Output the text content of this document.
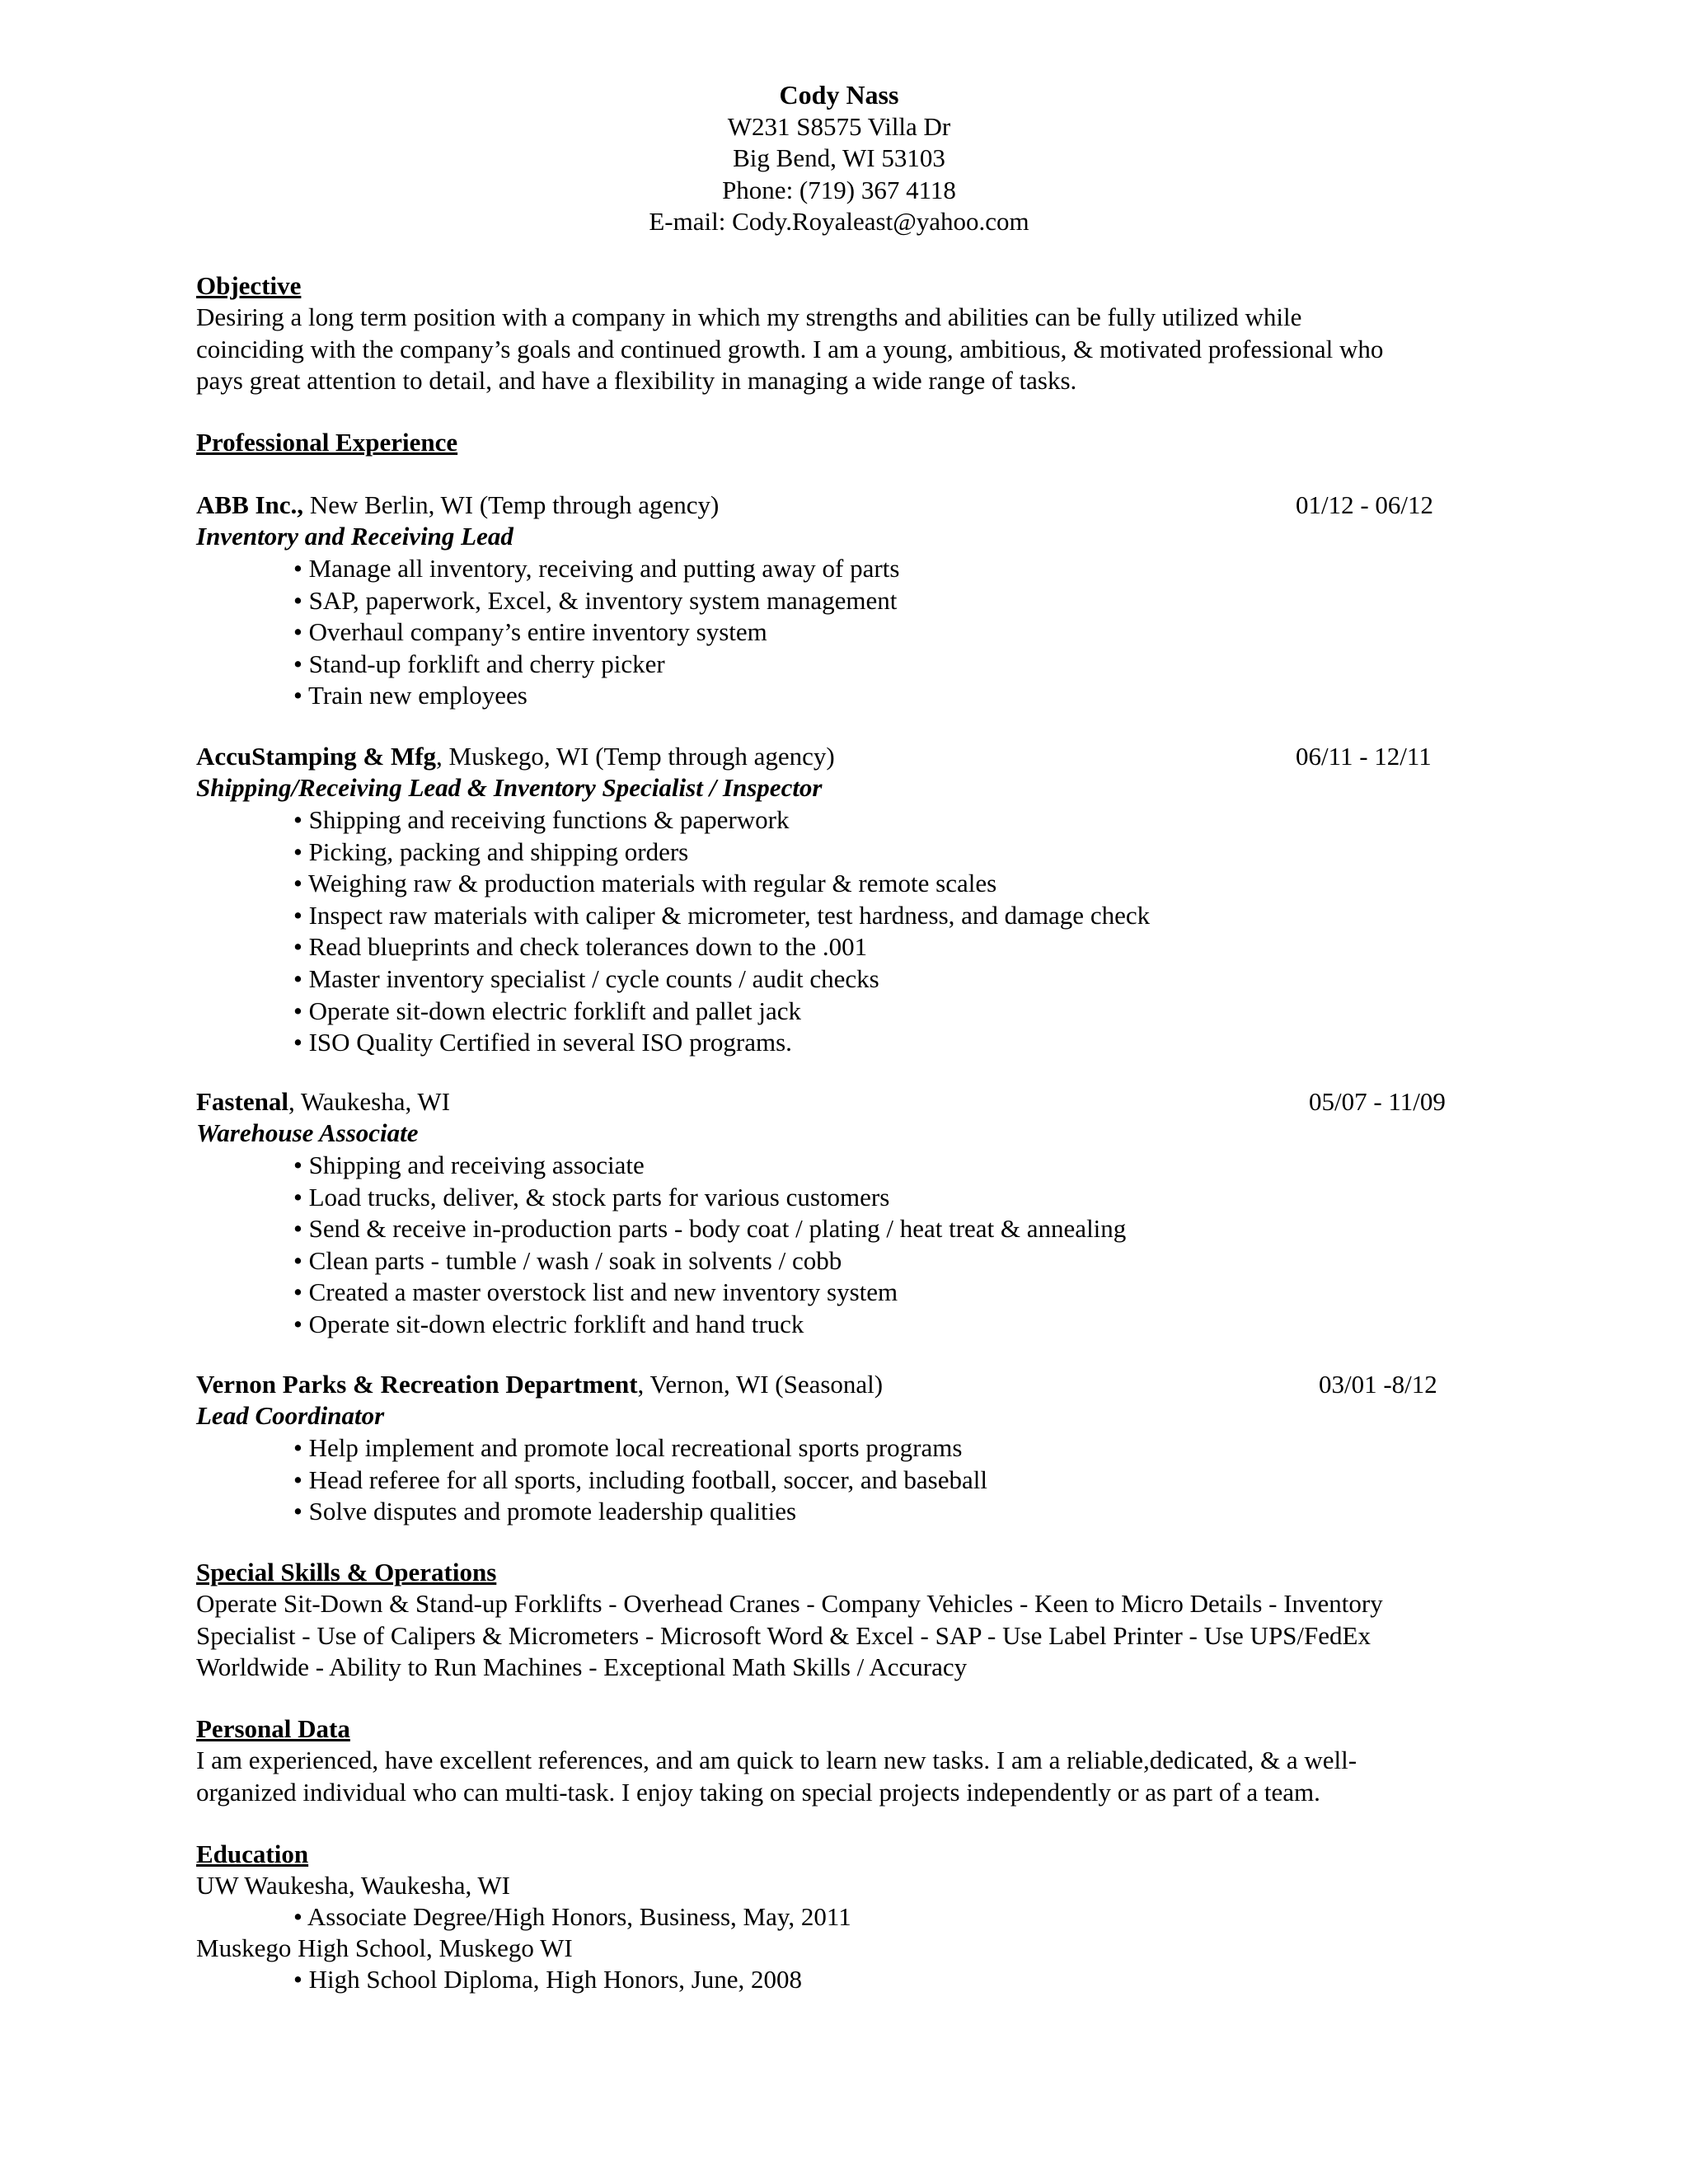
Cody Nass
W231 S8575 Villa Dr
Big Bend, WI 53103
Phone: (719) 367 4118
E-mail: Cody.Royaleast@yahoo.com
Objective
Desiring a long term position with a company in which my strengths and abilities can be fully utilized while
coinciding with the company’s goals and continued growth. I am a young, ambitious, & motivated professional who
pays great attention to detail, and have a flexibility in managing a wide range of tasks.
Professional Experience
ABB Inc., New Berlin, WI (Temp through agency)	01/12 - 06/12
Inventory and Receiving Lead
• Manage all inventory, receiving and putting away of parts
• SAP, paperwork, Excel, & inventory system management
• Overhaul company’s entire inventory system
• Stand-up forklift and cherry picker
• Train new employees
AccuStamping & Mfg, Muskego, WI (Temp through agency)	06/11 - 12/11
Shipping/Receiving Lead & Inventory Specialist / Inspector
• Shipping and receiving functions & paperwork
• Picking, packing and shipping orders
• Weighing raw & production materials with regular & remote scales
• Inspect raw materials with caliper & micrometer, test hardness, and damage check
• Read blueprints and check tolerances down to the .001
• Master inventory specialist / cycle counts / audit checks
• Operate sit-down electric forklift and pallet jack
• ISO Quality Certified in several ISO programs.
Fastenal, Waukesha, WI	05/07 - 11/09
Warehouse Associate
• Shipping and receiving associate
• Load trucks, deliver, & stock parts for various customers
• Send & receive in-production parts - body coat / plating / heat treat & annealing
• Clean parts - tumble / wash / soak in solvents / cobb
• Created a master overstock list and new inventory system
• Operate sit-down electric forklift and hand truck
Vernon Parks & Recreation Department, Vernon, WI (Seasonal)	03/01 -8/12
Lead Coordinator
• Help implement and promote local recreational sports programs
• Head referee for all sports, including football, soccer, and baseball
• Solve disputes and promote leadership qualities
Special Skills & Operations
Operate Sit-Down & Stand-up Forklifts - Overhead Cranes - Company Vehicles - Keen to Micro Details - Inventory
Specialist - Use of Calipers & Micrometers - Microsoft Word & Excel - SAP - Use Label Printer - Use UPS/FedEx
Worldwide - Ability to Run Machines - Exceptional Math Skills / Accuracy
Personal Data
I am experienced, have excellent references, and am quick to learn new tasks. I am a reliable,dedicated, & a well-
organized individual who can multi-task. I enjoy taking on special projects independently or as part of a team.
Education
UW Waukesha, Waukesha, WI
• Associate Degree/High Honors, Business, May, 2011
Muskego High School, Muskego WI
• High School Diploma, High Honors, June, 2008
